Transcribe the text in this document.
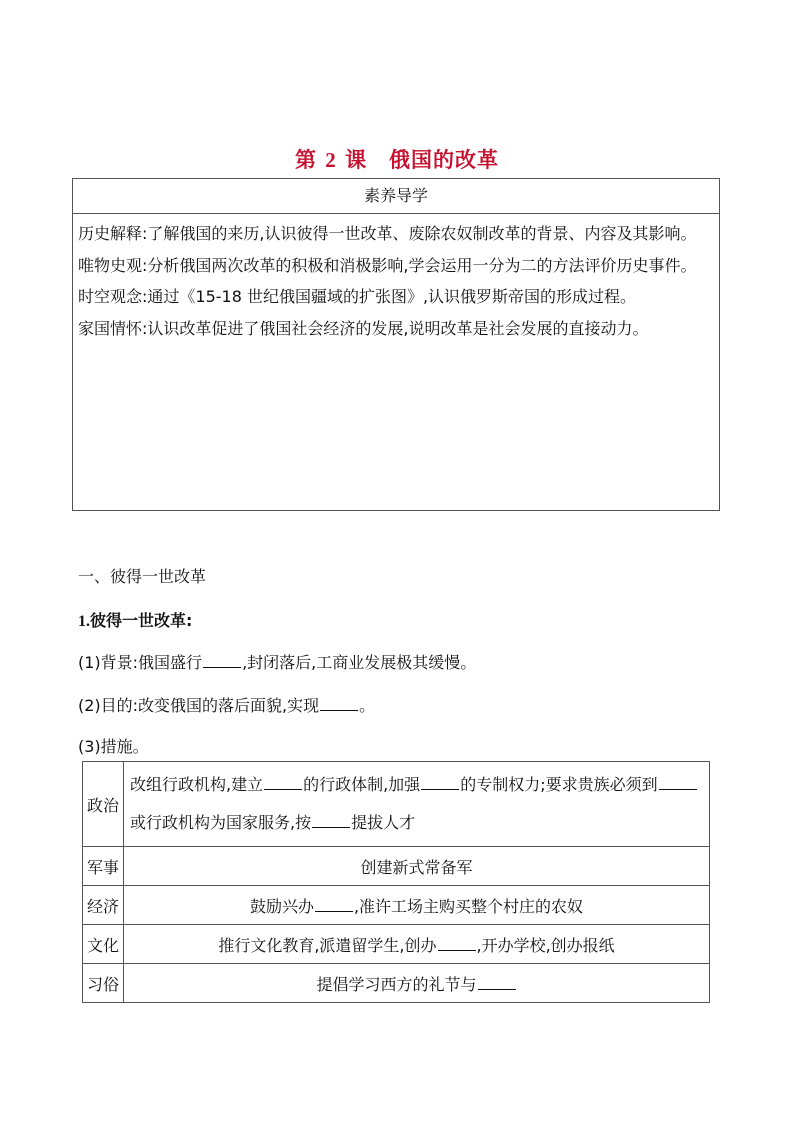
第 2 课　俄国的改革
素养导学

历史解释:了解俄国的来历,认识彼得一世改革、废除农奴制改革的背景、内容及其影响。

唯物史观:分析俄国两次改革的积极和消极影响,学会运用一分为二的方法评价历史事件。

时空观念:通过《15-18 世纪俄国疆域的扩张图》,认识俄罗斯帝国的形成过程。

家国情怀:认识改革促进了俄国社会经济的发展,说明改革是社会发展的直接动力。

一、彼得一世改革
1.彼得一世改革:
(1)背景:俄国盛行	,封闭落后,工商业发展极其缓慢。
(2)目的:改变俄国的落后面貌,实现	。
(3)措施。
政治	改组行政机构,建立 的行政体制,加强 的专制权力;要求贵族必须到或行政机构为国家服务,按 提拔人才
军事	创建新式常备军
经济	鼓励兴办 ,准许工场主购买整个村庄的农奴
文化	推行文化教育,派遣留学生,创办 ,开办学校,创办报纸
习俗	提倡学习西方的礼节与
